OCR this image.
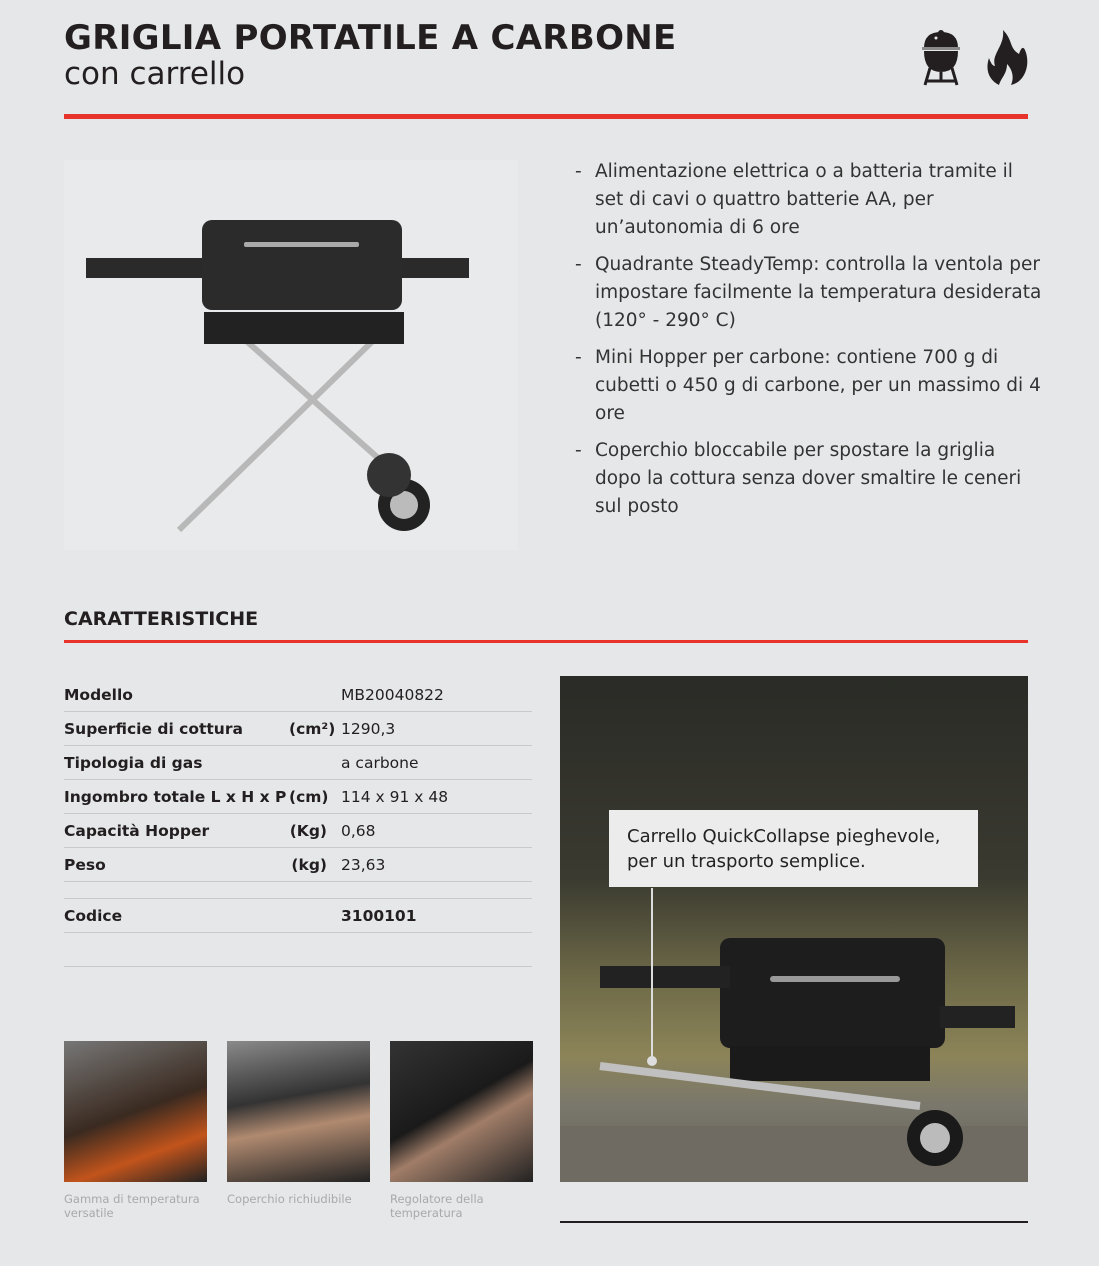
GRIGLIA PORTATILE A CARBONE
con carrello
- Alimentazione elettrica o a batteria tramite il set di cavi o quattro batterie AA, per un’autonomia di 6 ore
- Quadrante SteadyTemp: controlla la ventola per impostare facilmente la temperatura desiderata (120° - 290° C)
- Mini Hopper per carbone: contiene 700 g di cubetti o 450 g di carbone, per un massimo di 4 ore
- Coperchio bloccabile per spostare la griglia dopo la cottura senza dover smaltire le ceneri sul posto
CARATTERISTICHE
Modello	MB20040822
Superficie di cottura	(cm²) 1290,3
Tipologia di gas	a carbone
Ingombro totale L x H x P (cm) 114 x 91 x 48
Capacità Hopper	(Kg) 0,68
Peso	(kg) 23,63
Codice	3100101
Carrello QuickCollapse pieghevole, per un trasporto semplice.
Gamma di temperatura versatile
Coperchio richiudibile	Regolatore della temperatura
